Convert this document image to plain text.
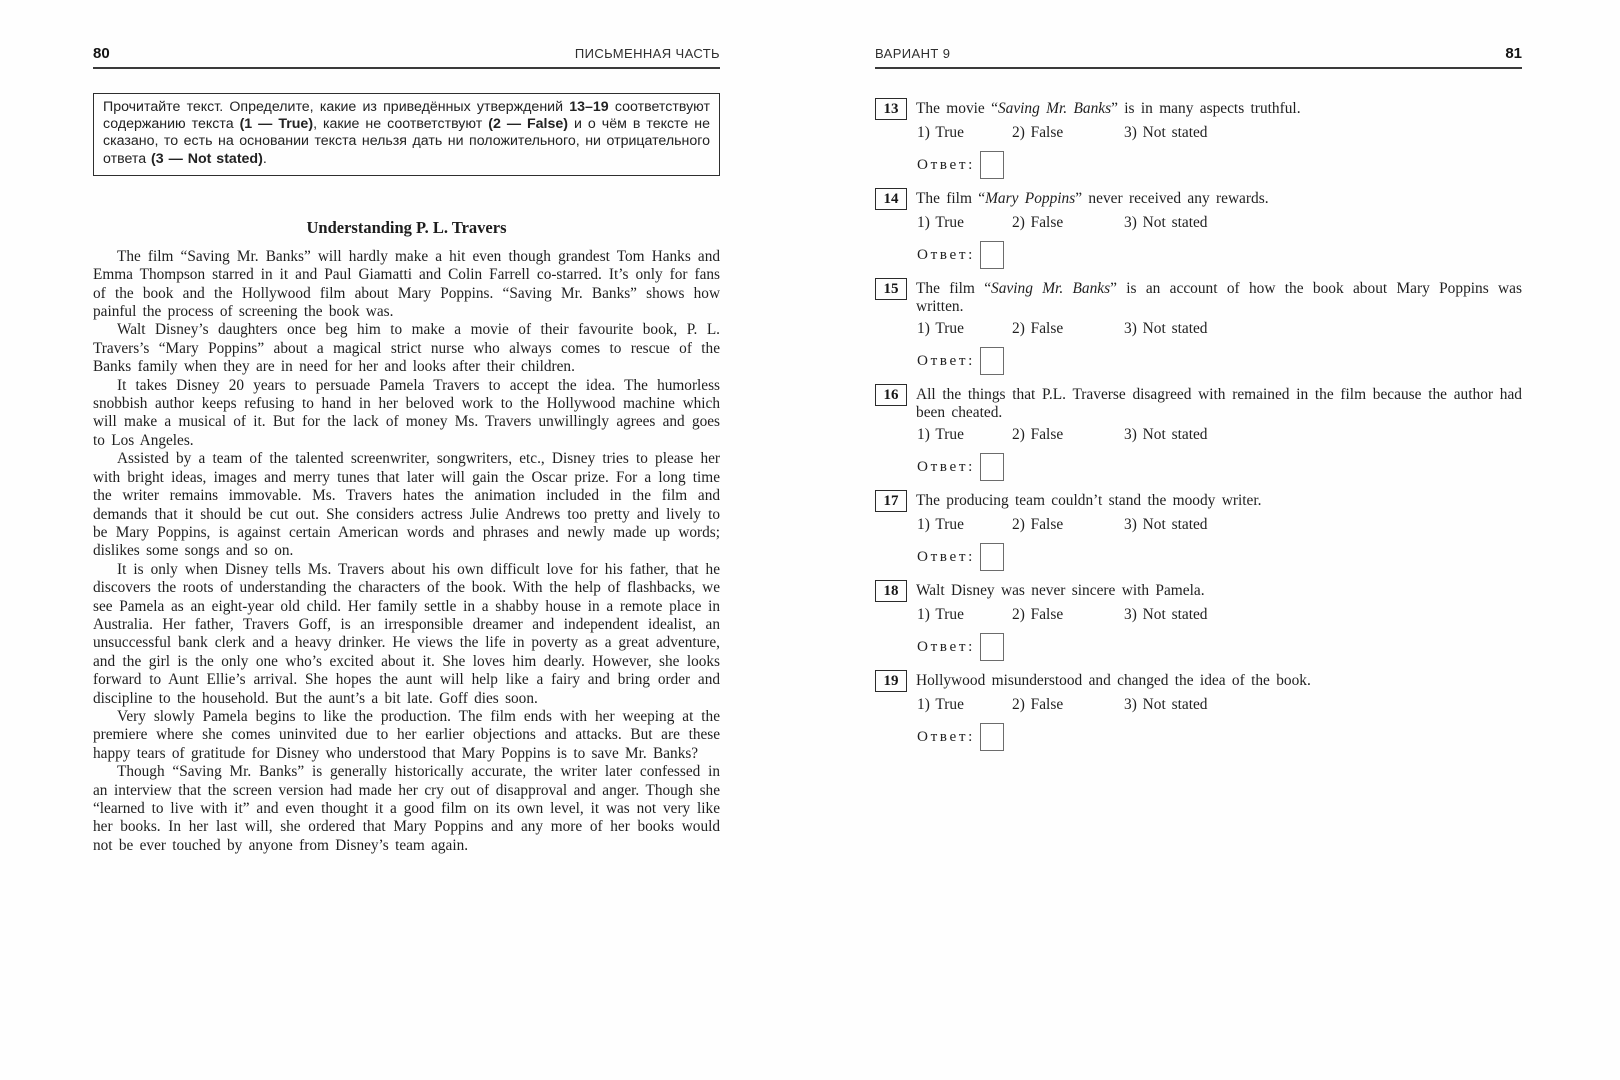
80	ПИСЬМЕННАЯ ЧАСТЬ
Прочитайте текст. Определите, какие из приведённых утверждений 13–19 соответствуют содержанию текста (1 — True), какие не соответствуют (2 — False) и о чём в тексте не сказано, то есть на основании текста нельзя дать ни положительного, ни отрицательного ответа (3 — Not stated).
Understanding P. L. Travers

The film “Saving Mr. Banks” will hardly make a hit even though grandest Tom Hanks and Emma Thompson starred in it and Paul Giamatti and Colin Farrell co-starred. It’s only for fans of the book and the Hollywood film about Mary Poppins. “Saving Mr. Banks” shows how painful the process of screening the book was.

Walt Disney’s daughters once beg him to make a movie of their favourite book, P. L. Travers’s “Mary Poppins” about a magical strict nurse who always comes to rescue of the Banks family when they are in need for her and looks after their children.

It takes Disney 20 years to persuade Pamela Travers to accept the idea. The humorless snobbish author keeps refusing to hand in her beloved work to the Hollywood machine which will make a musical of it. But for the lack of money Ms. Travers unwillingly agrees and goes to Los Angeles.

Assisted by a team of the talented screenwriter, songwriters, etc., Disney tries to please her with bright ideas, images and merry tunes that later will gain the Oscar prize. For a long time the writer remains immovable. Ms. Travers hates the animation included in the film and demands that it should be cut out. She considers actress Julie Andrews too pretty and lively to be Mary Poppins, is against certain American words and phrases and newly made up words; dislikes some songs and so on.

It is only when Disney tells Ms. Travers about his own difficult love for his father, that he discovers the roots of understanding the characters of the book. With the help of flashbacks, we see Pamela as an eight-year old child. Her family settle in a shabby house in a remote place in Australia. Her father, Travers Goff, is an irresponsible dreamer and independent idealist, an unsuccessful bank clerk and a heavy drinker. He views the life in poverty as a great adventure, and the girl is the only one who’s excited about it. She loves him dearly. However, she looks forward to Aunt Ellie’s arrival. She hopes the aunt will help like a fairy and bring order and discipline to the household. But the aunt’s a bit late. Goff dies soon.

Very slowly Pamela begins to like the production. The film ends with her weeping at the premiere where she comes uninvited due to her earlier objections and attacks. But are these happy tears of gratitude for Disney who understood that Mary Poppins is to save Mr. Banks?

Though “Saving Mr. Banks” is generally historically accurate, the writer later confessed in an interview that the screen version had made her cry out of disapproval and anger. Though she “learned to live with it” and even thought it a good film on its own level, it was not very like her books. In her last will, she ordered that Mary Poppins and any more of her books would not be ever touched by anyone from Disney’s team again.

ВАРИАНТ 9	81
13	The movie “Saving Mr. Banks” is in many aspects truthful.

1) True	2) False	3) Not stated
Ответ:
14	The film “Mary Poppins” never received any rewards.

1) True	2) False	3) Not stated
Ответ:
15	The film “Saving Mr. Banks” is an account of how the book about Mary Poppins was written.

1) True	2) False	3) Not stated
Ответ:
16	All the things that P.L. Traverse disagreed with remained in the film because the author had been cheated.

1) True	2) False	3) Not stated
Ответ:
17	The producing team couldn’t stand the moody writer.

1) True	2) False	3) Not stated
Ответ:
18	Walt Disney was never sincere with Pamela.

1) True	2) False	3) Not stated
Ответ:
19	Hollywood misunderstood and changed the idea of the book.

1) True	2) False	3) Not stated
Ответ:
